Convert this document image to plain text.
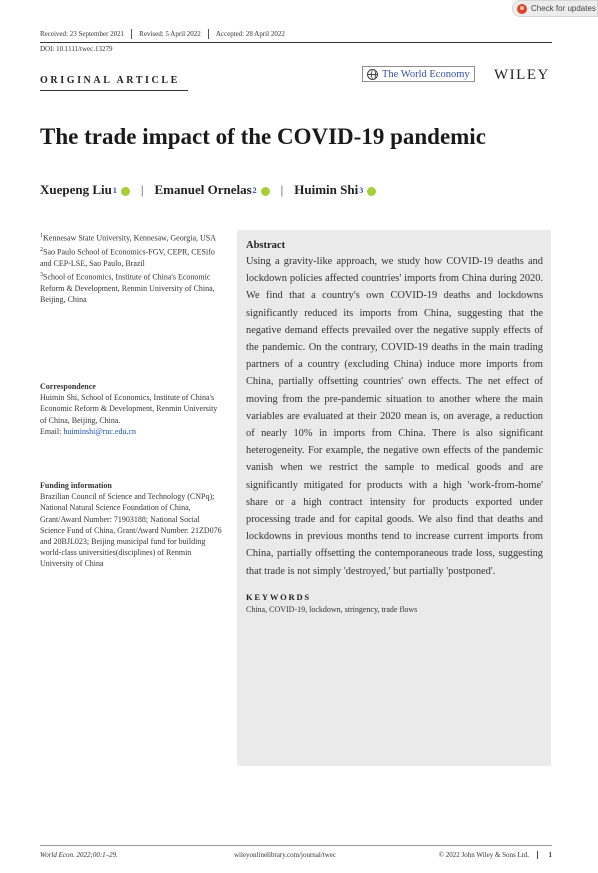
Check for updates
Received: 23 September 2021	Revised: 5 April 2022	Accepted: 28 April 2022
DOI: 10.1111/twec.13279
ORIGINAL ARTICLE
The World Economy WILEY
The trade impact of the COVID-19 pandemic
Xuepeng Liu 1 | Emanuel Ornelas 2 | Huimin Shi 3
$^1$Kennesaw State University, Kennesaw, Georgia, USA
$^2$Sao Paulo School of Economics-FGV, CEPR, CESifo and CEP-LSE, Sao Paulo, Brazil
$^3$School of Economics, Institute of China's Economic Reform & Development, Renmin University of China, Beijing, China
Correspondence
Huimin Shi, School of Economics, Institute of China's Economic Reform & Development, Renmin University of China, Beijing, China.
Email: huiminshi@ruc.edu.cn
Funding information
Brazilian Council of Science and Technology (CNPq); National Natural Science Foundation of China, Grant/Award Number: 71903188; National Social Science Fund of China, Grant/Award Number: 21ZD076 and 20BJL023; Beijing municipal fund for building world-class universities(disciplines) of Renmin University of China
Abstract
Using a gravity-like approach, we study how COVID-19 deaths and lockdown policies affected countries' imports from China during 2020. We find that a country's own COVID-19 deaths and lockdowns significantly reduced its imports from China, suggesting that the negative demand effects prevailed over the negative supply effects of the pandemic. On the contrary, COVID-19 deaths in the main trading partners of a country (excluding China) induce more imports from China, partially offsetting countries' own effects. The net effect of moving from the pre-pandemic situation to another where the main variables are evaluated at their 2020 mean is, on average, a reduction of nearly 10% in imports from China. There is also significant heterogeneity. For example, the negative own effects of the pandemic vanish when we restrict the sample to medical goods and are significantly mitigated for products with a high 'work-from-home' share or a high contract intensity for products exported under processing trade and for capital goods. We also find that deaths and lockdowns in previous months tend to increase current imports from China, partially offsetting the contemporaneous trade loss, suggesting that trade is not simply 'destroyed,' but partially 'postponed'.
KEYWORDS
China, COVID-19, lockdown, stringency, trade flows
World Econ. 2022;00:1–29.	wileyonlinelibrary.com/journal/twec	© 2022 John Wiley & Sons Ltd.	1
